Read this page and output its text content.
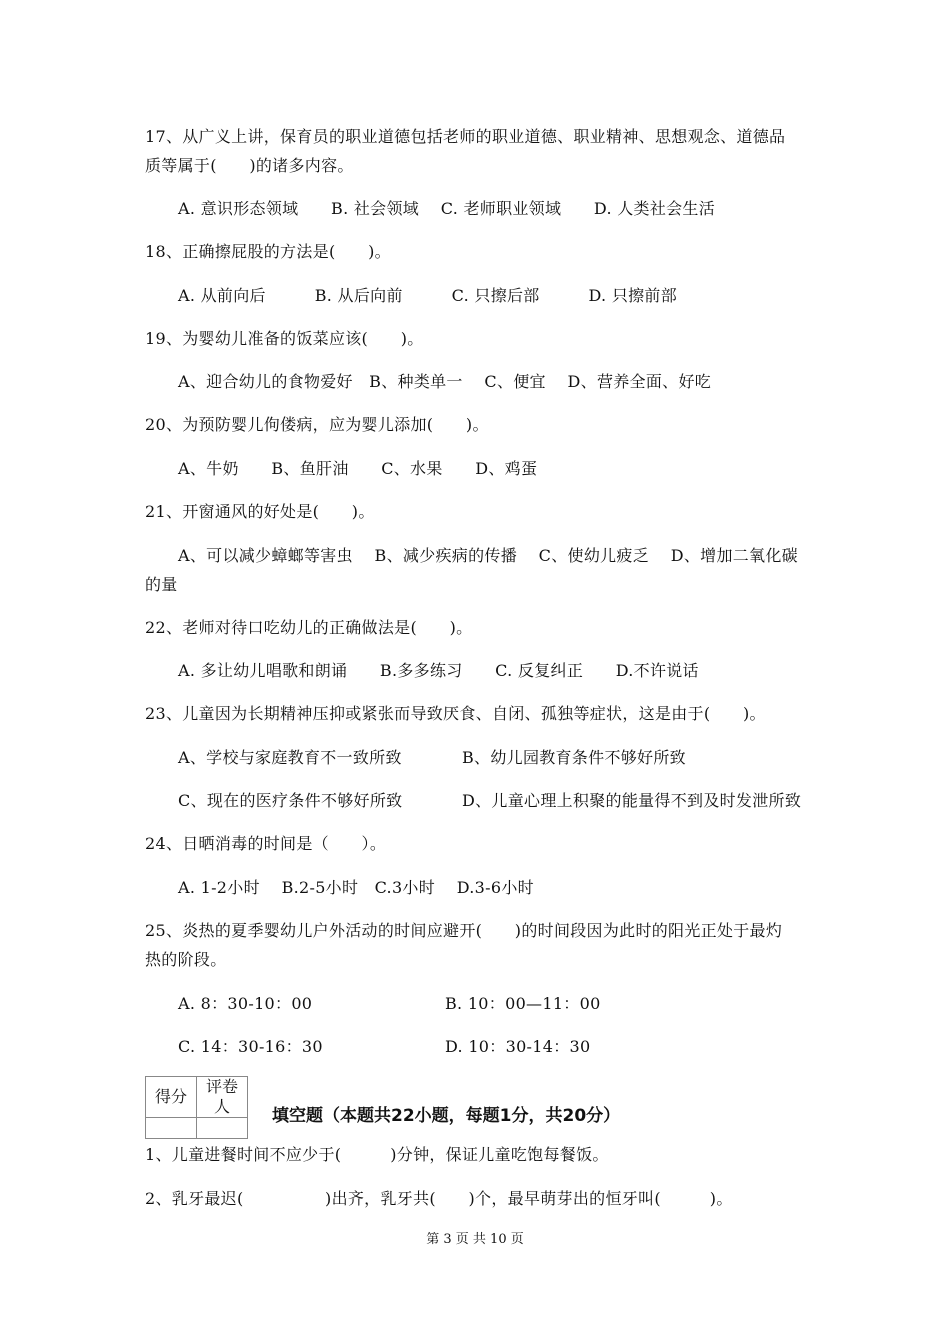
17、从广义上讲，保育员的职业道德包括老师的职业道德、职业精神、思想观念、道德品
质等属于(　　)的诸多内容。
A. 意识形态领域　　B. 社会领域　 C. 老师职业领域　　D. 人类社会生活
18、正确擦屁股的方法是(　　)。
A. 从前向后　　　B. 从后向前　　　C. 只擦后部　　　D. 只擦前部
19、为婴幼儿准备的饭菜应该(　　)。
A、迎合幼儿的食物爱好　B、种类单一　 C、便宜　 D、营养全面、好吃
20、为预防婴儿佝偻病，应为婴儿添加(　　)。
A、牛奶　　B、鱼肝油　　C、水果　　D、鸡蛋
21、开窗通风的好处是(　　)。
A、可以减少蟑螂等害虫　 B、减少疾病的传播　 C、使幼儿疲乏　 D、增加二氧化碳
的量
22、老师对待口吃幼儿的正确做法是(　　)。
A. 多让幼儿唱歌和朗诵　　B.多多练习　　C. 反复纠正　　D.不许说话
23、儿童因为长期精神压抑或紧张而导致厌食、自闭、孤独等症状，这是由于(　　)。
A、学校与家庭教育不一致所致	B、幼儿园教育条件不够好所致
C、现在的医疗条件不够好所致	D、儿童心理上积聚的能量得不到及时发泄所致
24、日晒消毒的时间是（　　）。
A. 1-2小时　 B.2-5小时　C.3小时　 D.3-6小时
25、炎热的夏季婴幼儿户外活动的时间应避开(　　)的时间段因为此时的阳光正处于最灼
热的阶段。
A. 8：30-10：00	B. 10：00—11：00
C. 14：30-16：30	D. 10：30-14：30
得分	评卷人
	填空题（本题共22小题，每题1分，共20分）
1、儿童进餐时间不应少于(　　　)分钟，保证儿童吃饱每餐饭。
2、乳牙最迟(　　　　　)出齐，乳牙共(　　)个，最早萌芽出的恒牙叫(　　　)。
第 3 页 共 10 页
